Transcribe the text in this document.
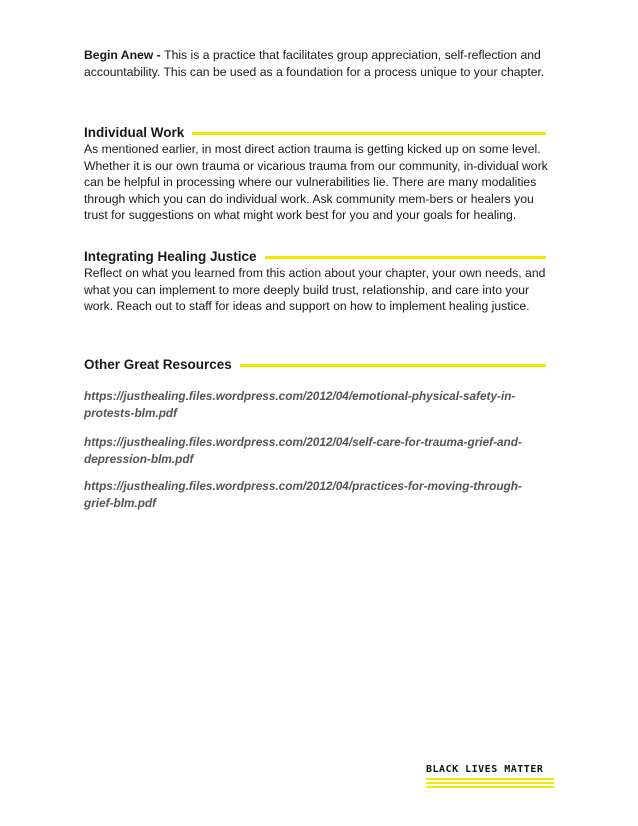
Begin Anew - This is a practice that facilitates group appreciation, self-reflection and accountability. This can be used as a foundation for a process unique to your chapter.

Individual Work

As mentioned earlier, in most direct action trauma is getting kicked up on some level. Whether it is our own trauma or vicarious trauma from our community, in-dividual work can be helpful in processing where our vulnerabilities lie. There are many modalities through which you can do individual work. Ask community mem-bers or healers you trust for suggestions on what might work best for you and your goals for healing.

Integrating Healing Justice

Reflect on what you learned from this action about your chapter, your own needs, and what you can implement to more deeply build trust, relationship, and care into your work. Reach out to staff for ideas and support on how to implement healing justice.

Other Great Resources

https://justhealing.files.wordpress.com/2012/04/emotional-physical-safety-in-protests-blm.pdf

https://justhealing.files.wordpress.com/2012/04/self-care-for-trauma-grief-and-depression-blm.pdf

https://justhealing.files.wordpress.com/2012/04/practices-for-moving-through-grief-blm.pdf

BLACK LIVES MATTER
